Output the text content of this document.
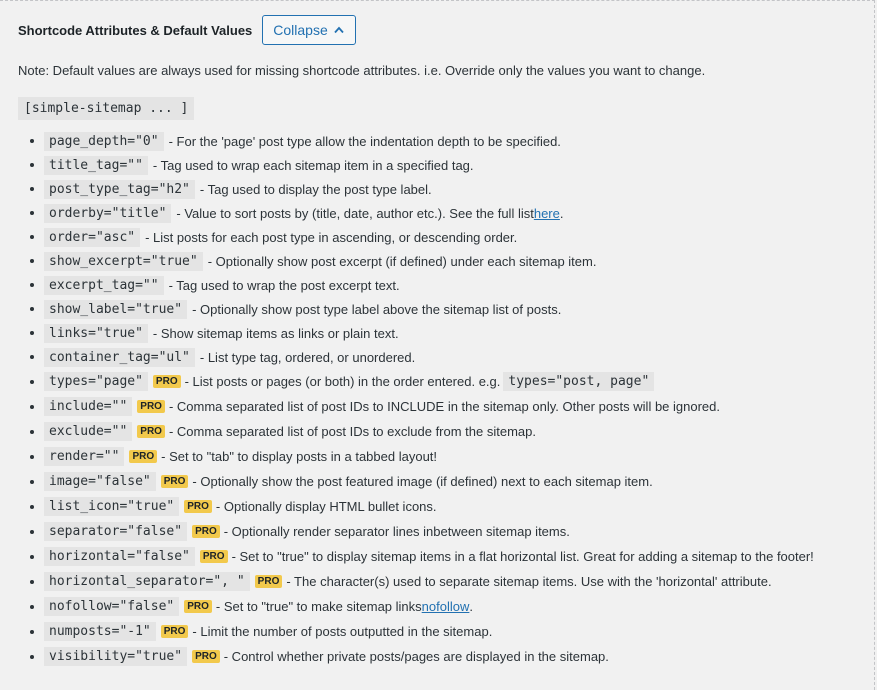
Shortcode Attributes & Default Values Collapse
Note: Default values are always used for missing shortcode attributes. i.e. Override only the values you want to change.
[simple-sitemap ... ]
page_depth="0" - For the 'page' post type allow the indentation depth to be specified.
title_tag="" - Tag used to wrap each sitemap item in a specified tag.
post_type_tag="h2" - Tag used to display the post type label.
orderby="title" - Value to sort posts by (title, date, author etc.). See the full list here .
order="asc" - List posts for each post type in ascending, or descending order.
show_excerpt="true" - Optionally show post excerpt (if defined) under each sitemap item.
excerpt_tag="" - Tag used to wrap the post excerpt text.
show_label="true" - Optionally show post type label above the sitemap list of posts.
links="true" - Show sitemap items as links or plain text.
container_tag="ul" - List type tag, ordered, or unordered.
types="page"	PRO - List posts or pages (or both) in the order entered. e.g. types="post, page"
include=""	PRO - Comma separated list of post IDs to INCLUDE in the sitemap only. Other posts will be ignored.
exclude=""	PRO - Comma separated list of post IDs to exclude from the sitemap.
render=""	PRO - Set to "tab" to display posts in a tabbed layout!
image="false"	PRO - Optionally show the post featured image (if defined) next to each sitemap item.
list_icon="true"	PRO - Optionally display HTML bullet icons.
separator="false"	PRO - Optionally render separator lines inbetween sitemap items.
horizontal="false"	PRO - Set to "true" to display sitemap items in a flat horizontal list. Great for adding a sitemap to the footer!
horizontal_separator=", "	PRO - The character(s) used to separate sitemap items. Use with the 'horizontal' attribute.
nofollow="false"	PRO - Set to "true" to make sitemap links nofollow .
numposts="-1"	PRO - Limit the number of posts outputted in the sitemap.
visibility="true"	PRO - Control whether private posts/pages are displayed in the sitemap.
